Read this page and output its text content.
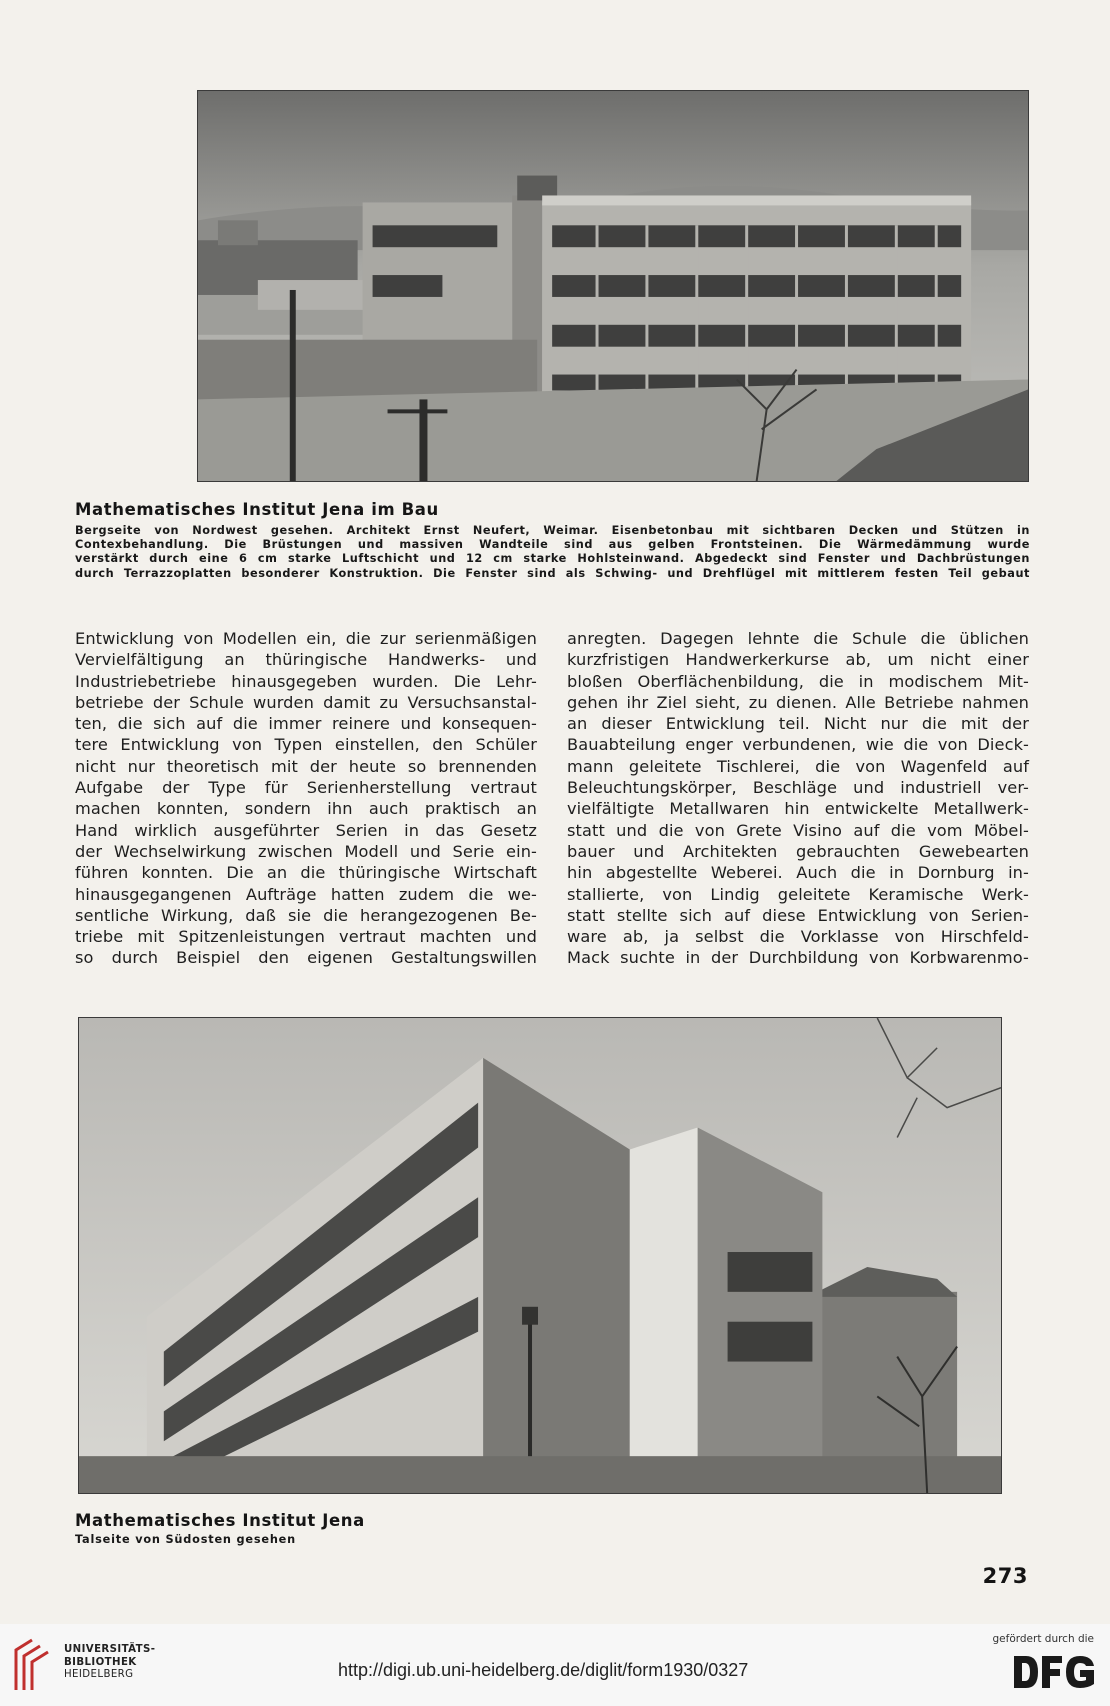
Mathematisches Institut Jena im Bau
Bergseite von Nordwest gesehen. Architekt Ernst Neufert, Weimar. Eisenbetonbau mit sichtbaren Decken und Stützen in
Contexbehandlung. Die Brüstungen und massiven Wandteile sind aus gelben Frontsteinen. Die Wärmedämmung wurde
verstärkt durch eine 6 cm starke Luftschicht und 12 cm starke Hohlsteinwand. Abgedeckt sind Fenster und Dachbrüstungen
durch Terrazzoplatten besonderer Konstruktion. Die Fenster sind als Schwing- und Drehflügel mit mittlerem festen Teil gebaut
Entwicklung von Modellen ein, die zur serienmäßigen
Vervielfältigung an thüringische Handwerks- und
Industriebetriebe hinausgegeben wurden. Die Lehr-
betriebe der Schule wurden damit zu Versuchsanstal-
ten, die sich auf die immer reinere und konsequen-
tere Entwicklung von Typen einstellen, den Schüler
nicht nur theoretisch mit der heute so brennenden
Aufgabe der Type für Serienherstellung vertraut
machen konnten, sondern ihn auch praktisch an
Hand wirklich ausgeführter Serien in das Gesetz
der Wechselwirkung zwischen Modell und Serie ein-
führen konnten. Die an die thüringische Wirtschaft
hinausgegangenen Aufträge hatten zudem die we-
sentliche Wirkung, daß sie die herangezogenen Be-
triebe mit Spitzenleistungen vertraut machten und
so durch Beispiel den eigenen Gestaltungswillen
anregten. Dagegen lehnte die Schule die üblichen
kurzfristigen Handwerkerkurse ab, um nicht einer
bloßen Oberflächenbildung, die in modischem Mit-
gehen ihr Ziel sieht, zu dienen. Alle Betriebe nahmen
an dieser Entwicklung teil. Nicht nur die mit der
Bauabteilung enger verbundenen, wie die von Dieck-
mann geleitete Tischlerei, die von Wagenfeld auf
Beleuchtungskörper, Beschläge und industriell ver-
vielfältigte Metallwaren hin entwickelte Metallwerk-
statt und die von Grete Visino auf die vom Möbel-
bauer und Architekten gebrauchten Gewebearten
hin abgestellte Weberei. Auch die in Dornburg in-
stallierte, von Lindig geleitete Keramische Werk-
statt stellte sich auf diese Entwicklung von Serien-
ware ab, ja selbst die Vorklasse von Hirschfeld-
Mack suchte in der Durchbildung von Korbwarenmo-
Mathematisches Institut Jena
Talseite von Südosten gesehen
273
UNIVERSITÄTS-
BIBLIOTHEK
HEIDELBERG	http://digi.ub.uni-heidelberg.de/diglit/form1930/0327
gefördert durch die
